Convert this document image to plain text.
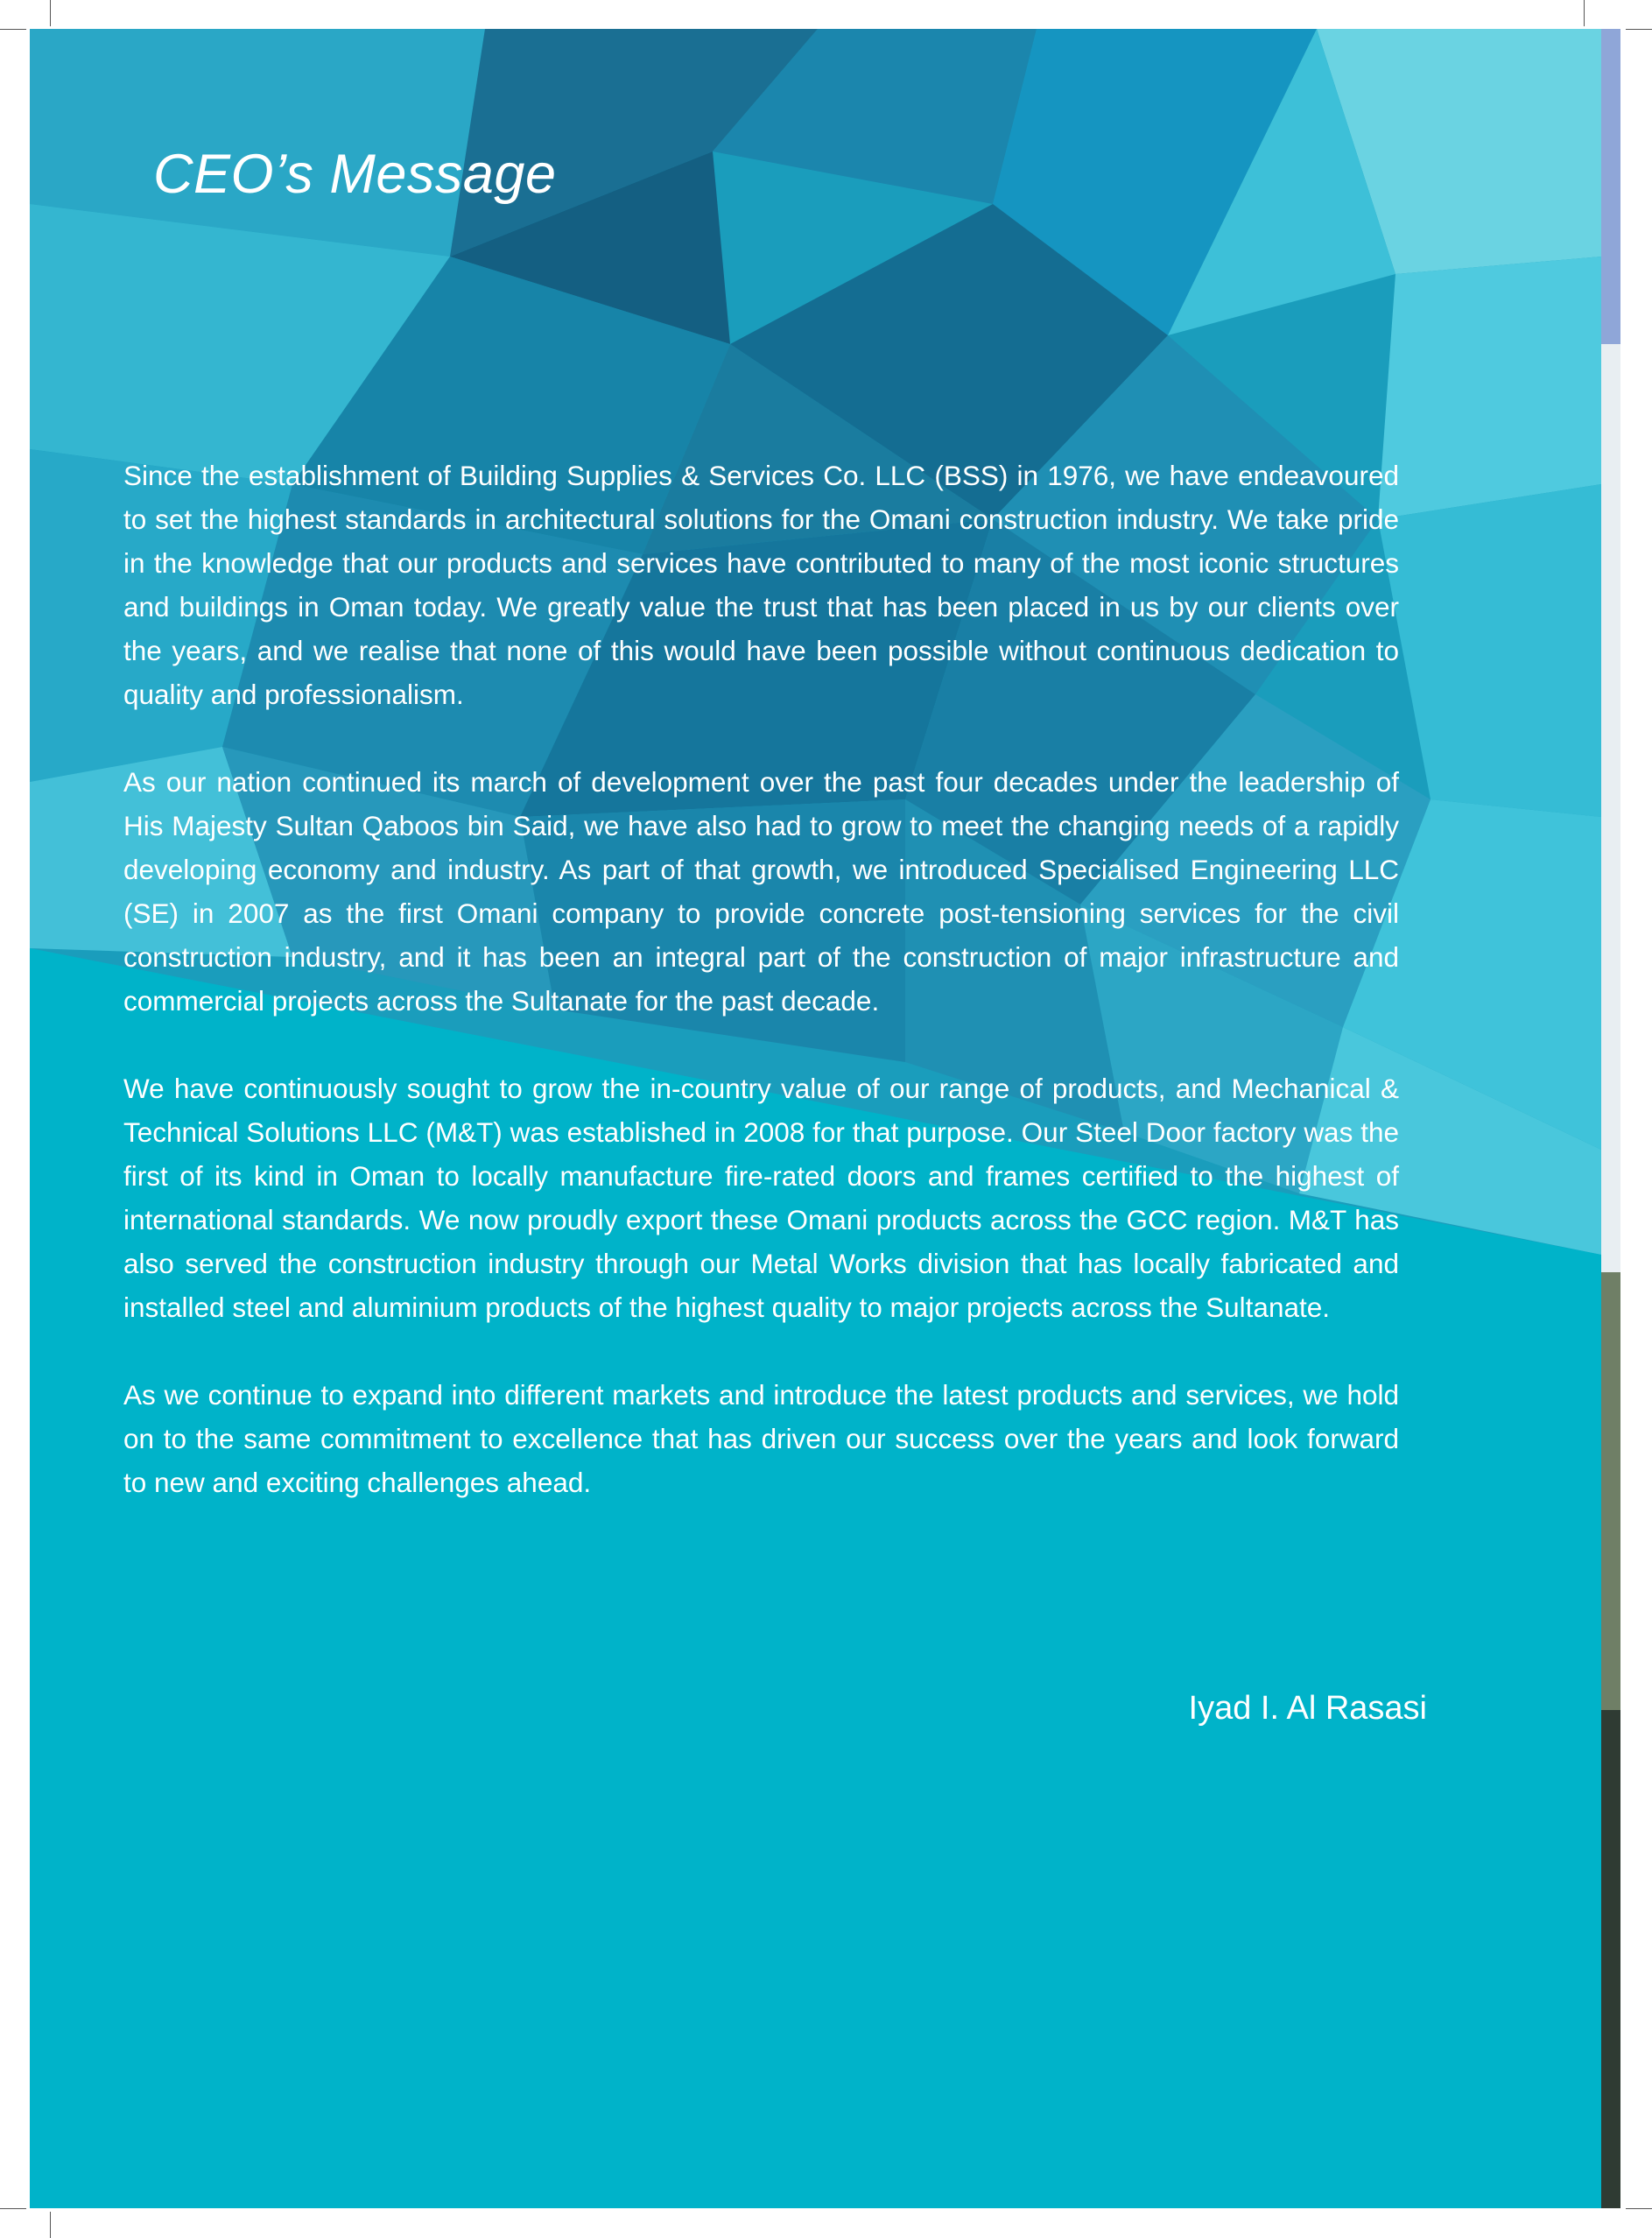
CEO’s Message

Since the establishment of Building Supplies & Services Co. LLC (BSS) in 1976, we have endeavoured to set the highest standards in architectural solutions for the Omani construction industry. We take pride in the knowledge that our products and services have contributed to many of the most iconic structures and buildings in Oman today. We greatly value the trust that has been placed in us by our clients over the years, and we realise that none of this would have been possible without continuous dedication to quality and professionalism.

As our nation continued its march of development over the past four decades under the leadership of His Majesty Sultan Qaboos bin Said, we have also had to grow to meet the changing needs of a rapidly developing economy and industry. As part of that growth, we introduced Specialised Engineering LLC (SE) in 2007 as the first Omani company to provide concrete post-tensioning services for the civil construction industry, and it has been an integral part of the construction of major infrastructure and commercial projects across the Sultanate for the past decade.

We have continuously sought to grow the in-country value of our range of products, and Mechanical & Technical Solutions LLC (M&T) was established in 2008 for that purpose. Our Steel Door factory was the first of its kind in Oman to locally manufacture fire-rated doors and frames certified to the highest of international standards. We now proudly export these Omani products across the GCC region. M&T has also served the construction industry through our Metal Works division that has locally fabricated and installed steel and aluminium products of the highest quality to major projects across the Sultanate.

As we continue to expand into different markets and introduce the latest products and services, we hold on to the same commitment to excellence that has driven our success over the years and look forward to new and exciting challenges ahead.

Iyad I. Al Rasasi
